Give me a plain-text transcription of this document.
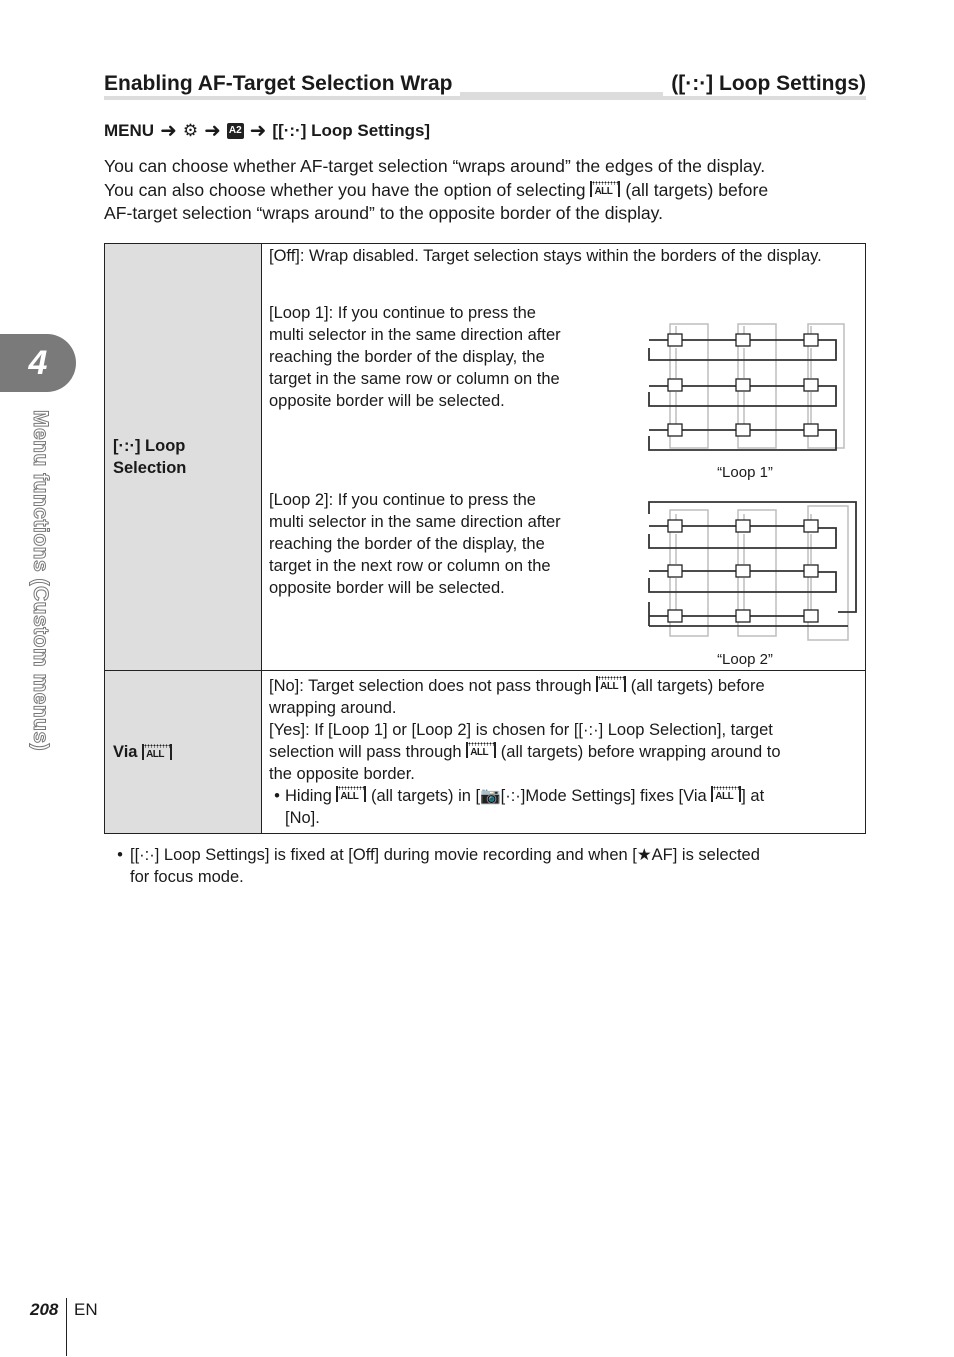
4
Menu functions (Custom menus)
Enabling AF-Target Selection Wrap	([·:·] Loop Settings)
MENU ➜ ⚙ ➜ A2 ➜ [[·:·] Loop Settings]
You can choose whether AF-target selection “wraps around” the edges of the display.
You can also choose whether you have the option of selecting ALL (all targets) before
AF-target selection “wraps around” to the opposite border of the display.
[·:·] Loop
Selection
[Off]: Wrap disabled. Target selection stays within the borders of the display.
[Loop 1]: If you continue to press the
multi selector in the same direction after
reaching the border of the display, the
target in the same row or column on the
opposite border will be selected.
“Loop 1”
[Loop 2]: If you continue to press the
multi selector in the same direction after
reaching the border of the display, the
target in the next row or column on the
opposite border will be selected.
“Loop 2”
Via
ALL
[No]: Target selection does not pass through ALL (all targets) before
wrapping around.
[Yes]: If [Loop 1] or [Loop 2] is chosen for [[·:·] Loop Selection], target
selection will pass through ALL (all targets) before wrapping around to
the opposite border.
• Hiding ALL (all targets) in [📷[·:·]Mode Settings] fixes [Via ALL ] at
[No].
• [[·:·] Loop Settings] is fixed at [Off] during movie recording and when [★AF] is selected
for focus mode.
208 EN
